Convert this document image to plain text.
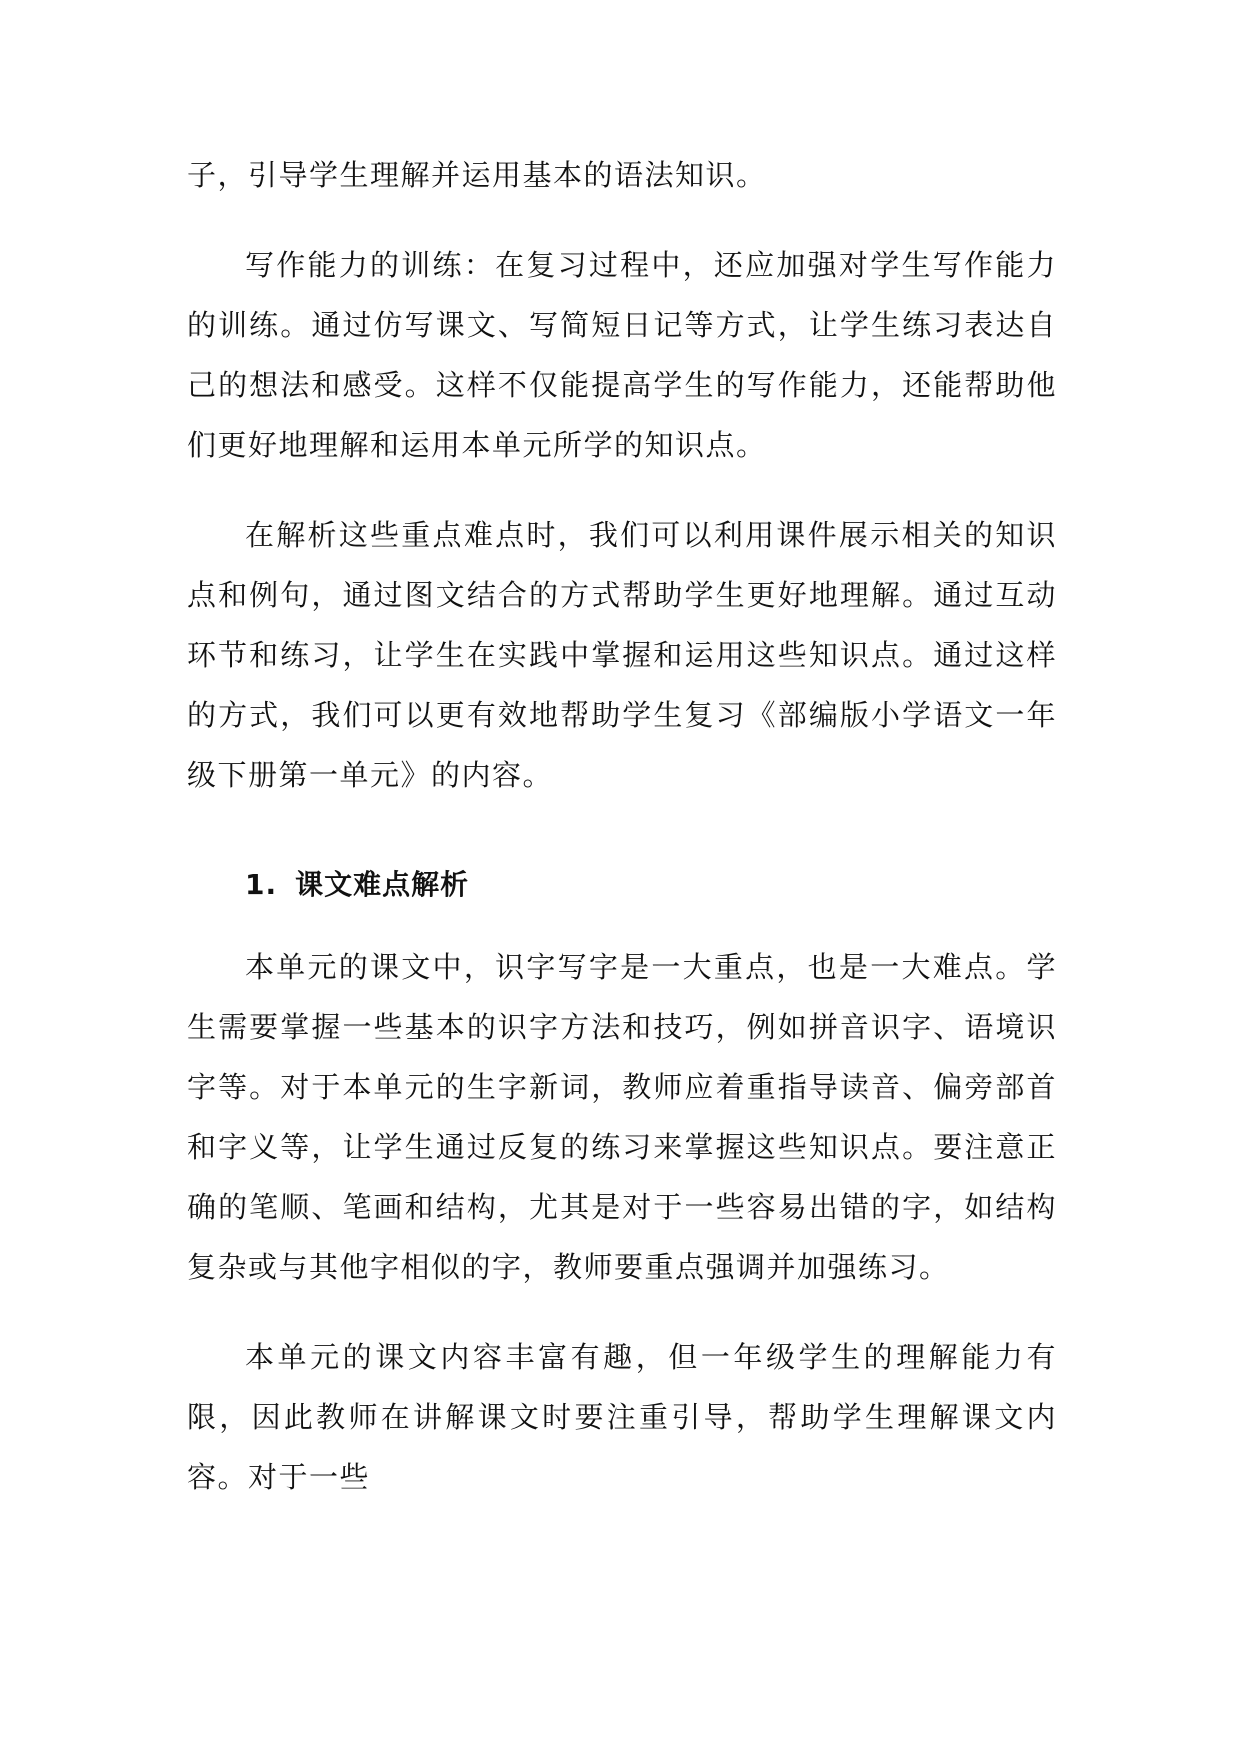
子，引导学生理解并运用基本的语法知识。

写作能力的训练：在复习过程中，还应加强对学生写作能力的训练。通过仿写课文、写简短日记等方式，让学生练习表达自己的想法和感受。这样不仅能提高学生的写作能力，还能帮助他们更好地理解和运用本单元所学的知识点。

在解析这些重点难点时，我们可以利用课件展示相关的知识点和例句，通过图文结合的方式帮助学生更好地理解。通过互动环节和练习，让学生在实践中掌握和运用这些知识点。通过这样的方式，我们可以更有效地帮助学生复习《部编版小学语文一年级下册第一单元》的内容。

1. 课文难点解析

本单元的课文中，识字写字是一大重点，也是一大难点。学生需要掌握一些基本的识字方法和技巧，例如拼音识字、语境识字等。对于本单元的生字新词，教师应着重指导读音、偏旁部首和字义等，让学生通过反复的练习来掌握这些知识点。要注意正确的笔顺、笔画和结构，尤其是对于一些容易出错的字，如结构复杂或与其他字相似的字，教师要重点强调并加强练习。

本单元的课文内容丰富有趣，但一年级学生的理解能力有限，因此教师在讲解课文时要注重引导，帮助学生理解课文内容。对于一些
